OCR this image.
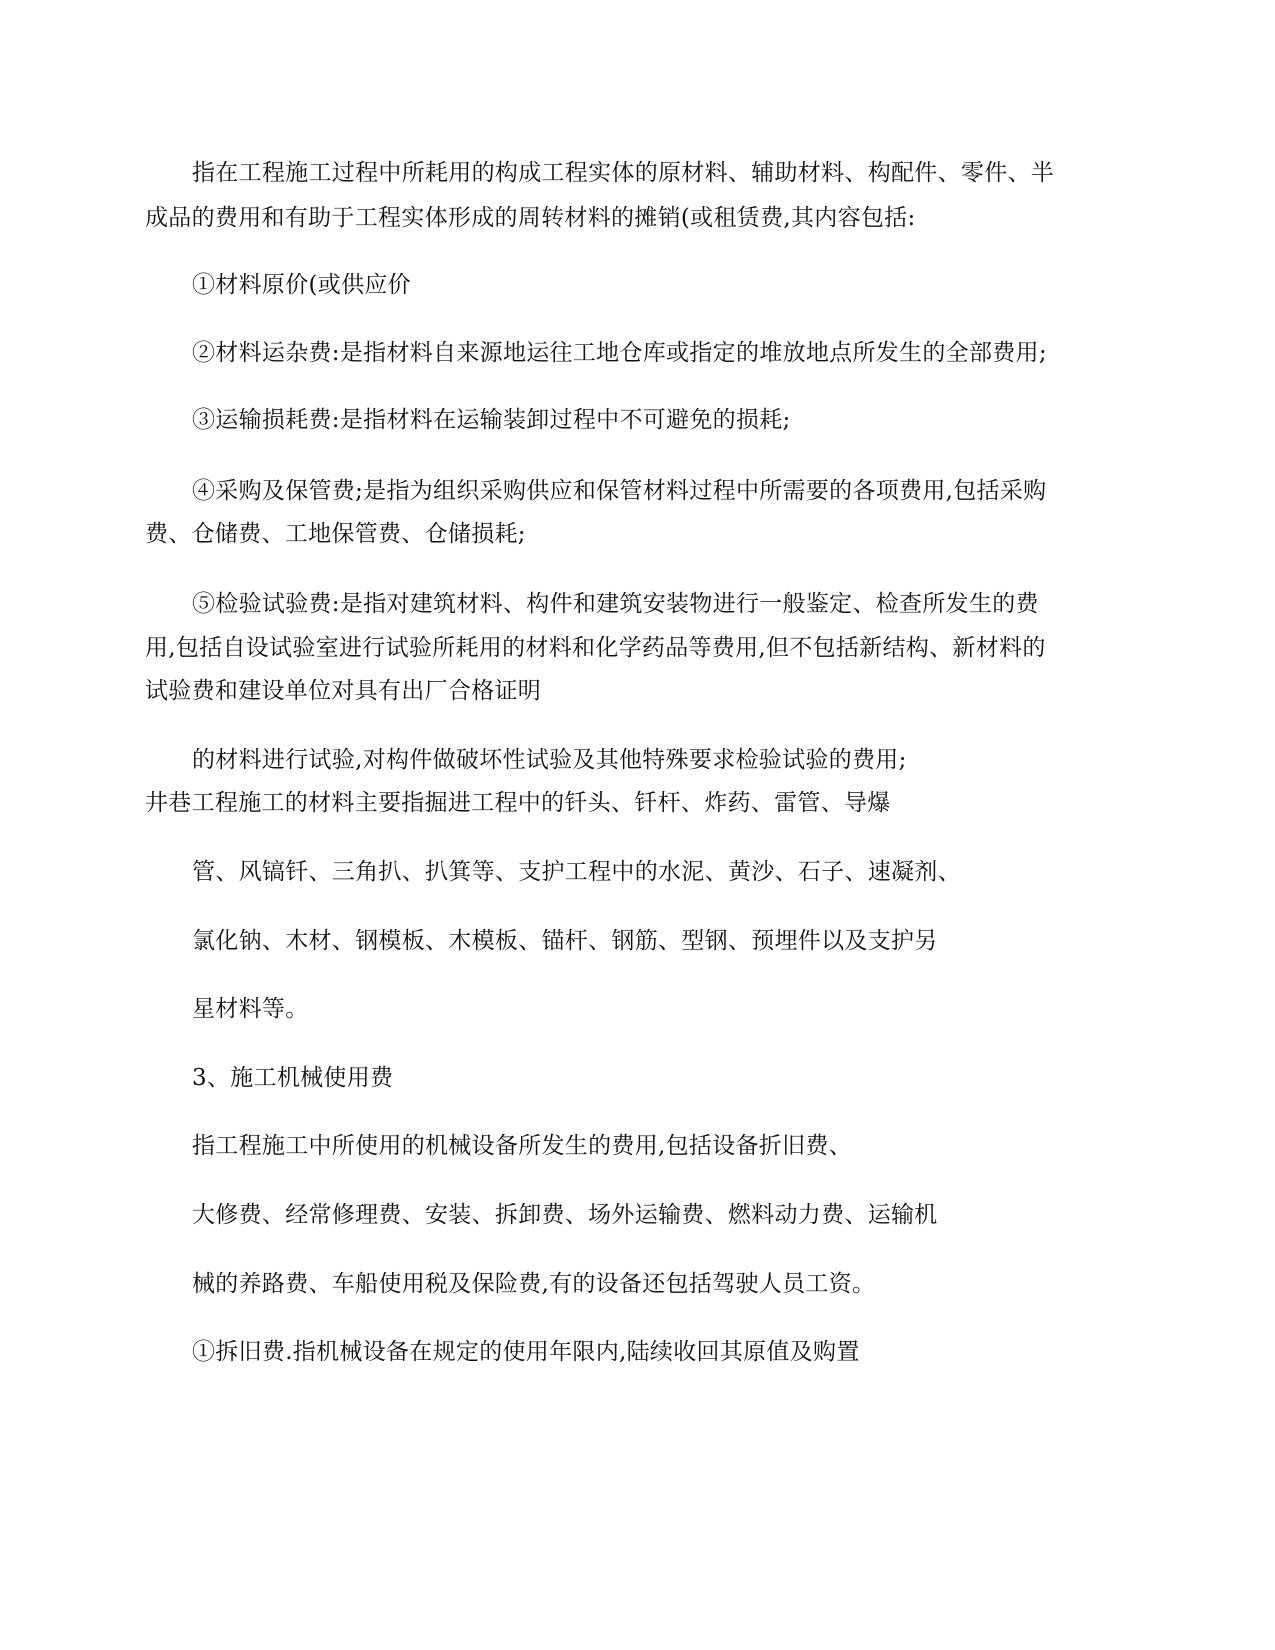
指在工程施工过程中所耗用的构成工程实体的原材料、辅助材料、构配件、零件、半
成品的费用和有助于工程实体形成的周转材料的摊销(或租赁费,其内容包括:
①材料原价(或供应价
②材料运杂费:是指材料自来源地运往工地仓库或指定的堆放地点所发生的全部费用;
③运输损耗费:是指材料在运输装卸过程中不可避免的损耗;
④采购及保管费;是指为组织采购供应和保管材料过程中所需要的各项费用,包括采购
费、仓储费、工地保管费、仓储损耗;
⑤检验试验费:是指对建筑材料、构件和建筑安装物进行一般鉴定、检查所发生的费
用,包括自设试验室进行试验所耗用的材料和化学药品等费用,但不包括新结构、新材料的
试验费和建设单位对具有出厂合格证明
的材料进行试验,对构件做破坏性试验及其他特殊要求检验试验的费用;
井巷工程施工的材料主要指掘进工程中的钎头、钎杆、炸药、雷管、导爆
管、风镐钎、三角扒、扒箕等、支护工程中的水泥、黄沙、石子、速凝剂、
氯化钠、木材、钢模板、木模板、锚杆、钢筋、型钢、预埋件以及支护另
星材料等。
3、施工机械使用费
指工程施工中所使用的机械设备所发生的费用,包括设备折旧费、
大修费、经常修理费、安装、拆卸费、场外运输费、燃料动力费、运输机
械的养路费、车船使用税及保险费,有的设备还包括驾驶人员工资。
①拆旧费.指机械设备在规定的使用年限内,陆续收回其原值及购置
